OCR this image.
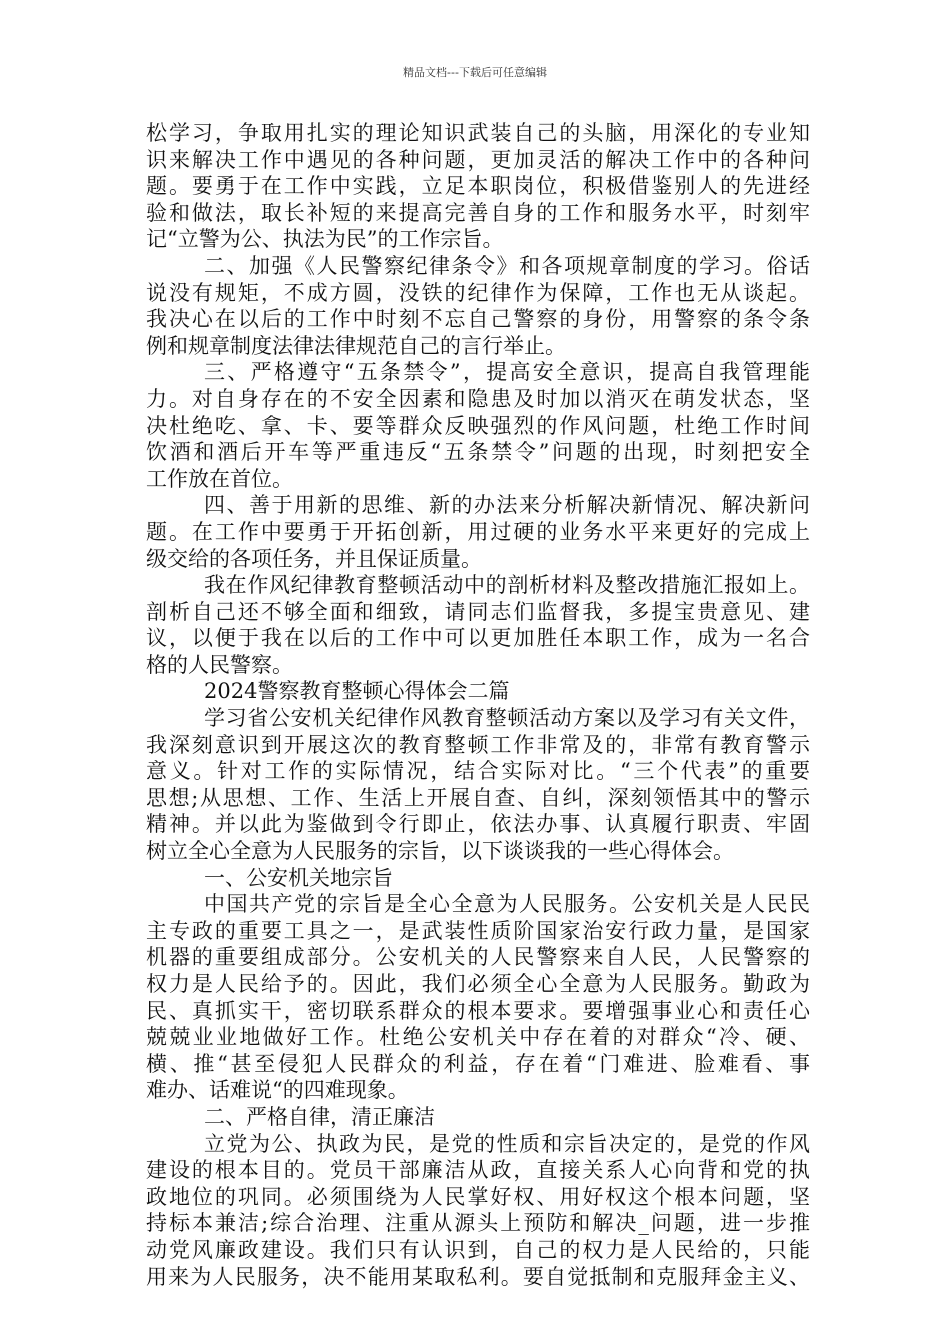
精品文档---下载后可任意编辑
松学习，争取用扎实的理论知识武装自己的头脑，用深化的专业知
识来解决工作中遇见的各种问题，更加灵活的解决工作中的各种问
题。要勇于在工作中实践，立足本职岗位，积极借鉴别人的先进经
验和做法，取长补短的来提高完善自身的工作和服务水平，时刻牢
记“立警为公、执法为民”的工作宗旨。
二、加强《人民警察纪律条令》和各项规章制度的学习。俗话
说没有规矩，不成方圆，没铁的纪律作为保障，工作也无从谈起。
我决心在以后的工作中时刻不忘自己警察的身份，用警察的条令条
例和规章制度法律法律规范自己的言行举止。
三、严格遵守“五条禁令”，提高安全意识，提高自我管理能
力。对自身存在的不安全因素和隐患及时加以消灭在萌发状态，坚
决杜绝吃、拿、卡、要等群众反映强烈的作风问题，杜绝工作时间
饮酒和酒后开车等严重违反“五条禁令”问题的出现，时刻把安全
工作放在首位。
四、善于用新的思维、新的办法来分析解决新情况、解决新问
题。在工作中要勇于开拓创新，用过硬的业务水平来更好的完成上
级交给的各项任务，并且保证质量。
我在作风纪律教育整顿活动中的剖析材料及整改措施汇报如上。
剖析自己还不够全面和细致，请同志们监督我，多提宝贵意见、建
议，以便于我在以后的工作中可以更加胜任本职工作，成为一名合
格的人民警察。
2024警察教育整顿心得体会二篇
学习省公安机关纪律作风教育整顿活动方案以及学习有关文件，
我深刻意识到开展这次的教育整顿工作非常及的，非常有教育警示
意义。针对工作的实际情况，结合实际对比。“三个代表”的重要
思想;从思想、工作、生活上开展自查、自纠，深刻领悟其中的警示
精神。并以此为鉴做到令行即止，依法办事、认真履行职责、牢固
树立全心全意为人民服务的宗旨，以下谈谈我的一些心得体会。
一、公安机关地宗旨
中国共产党的宗旨是全心全意为人民服务。公安机关是人民民
主专政的重要工具之一，是武装性质阶国家治安行政力量，是国家
机器的重要组成部分。公安机关的人民警察来自人民，人民警察的
权力是人民给予的。因此，我们必须全心全意为人民服务。勤政为
民、真抓实干，密切联系群众的根本要求。要增强事业心和责任心
兢兢业业地做好工作。杜绝公安机关中存在着的对群众“冷、硬、
横、推“甚至侵犯人民群众的利益，存在着“门难进、脸难看、事
难办、话难说“的四难现象。
二、严格自律，清正廉洁
立党为公、执政为民，是党的性质和宗旨决定的，是党的作风
建设的根本目的。党员干部廉洁从政，直接关系人心向背和党的执
政地位的巩同。必须围绕为人民掌好权、用好权这个根本问题，坚
持标本兼洁;综合治理、注重从源头上预防和解决_问题，进一步推
动党风廉政建设。我们只有认识到，自己的权力是人民给的，只能
用来为人民服务，决不能用某取私利。要自觉抵制和克服拜金主义、
